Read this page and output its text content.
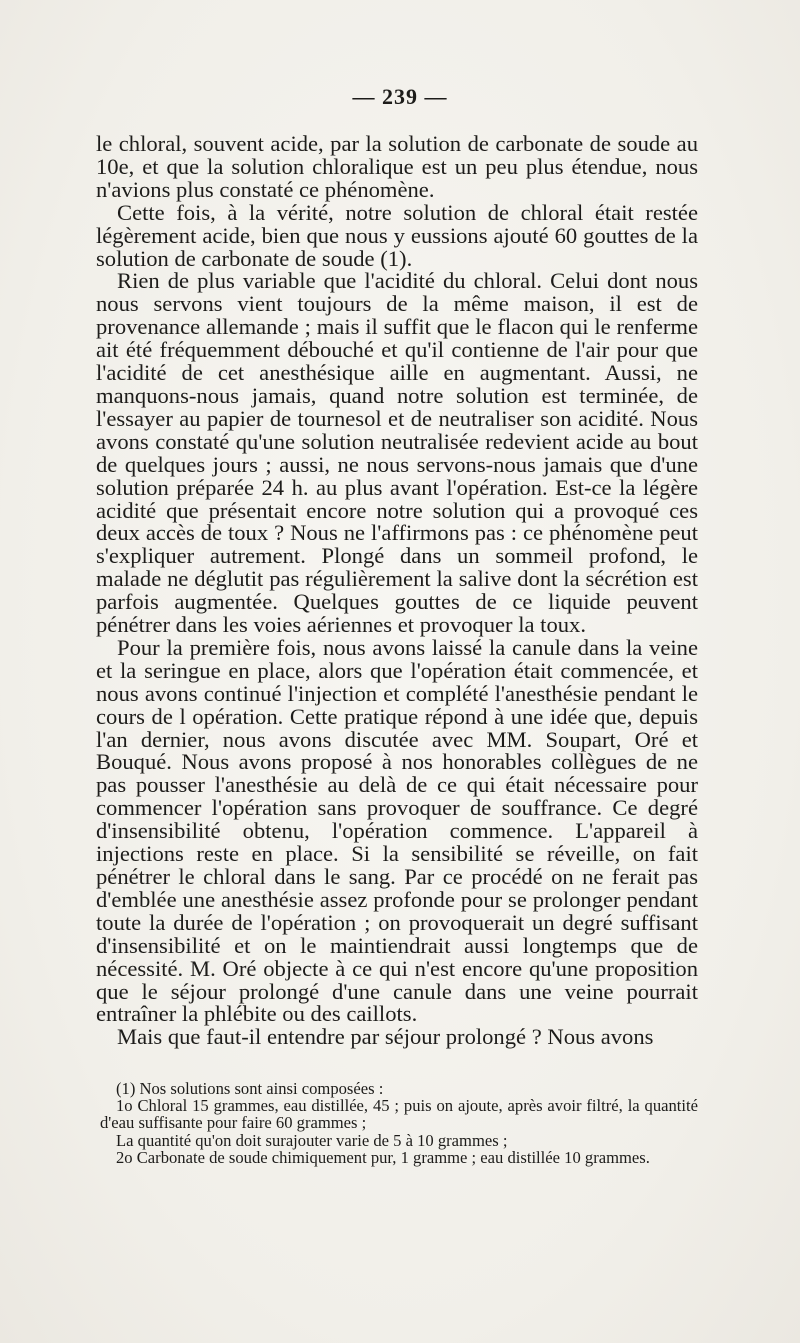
— 239 —

le chloral, souvent acide, par la solution de carbonate de soude au 10e, et que la solution chloralique est un peu plus étendue, nous n'avions plus constaté ce phénomène.

Cette fois, à la vérité, notre solution de chloral était restée légèrement acide, bien que nous y eussions ajouté 60 gouttes de la solution de carbonate de soude (1).

Rien de plus variable que l'acidité du chloral. Celui dont nous nous servons vient toujours de la même maison, il est de provenance allemande ; mais il suffit que le flacon qui le renferme ait été fréquemment débouché et qu'il contienne de l'air pour que l'acidité de cet anesthésique aille en augmentant. Aussi, ne manquons-nous jamais, quand notre solution est terminée, de l'essayer au papier de tournesol et de neutraliser son acidité. Nous avons constaté qu'une solution neutralisée redevient acide au bout de quelques jours ; aussi, ne nous servons-nous jamais que d'une solution préparée 24 h. au plus avant l'opération. Est-ce la légère acidité que présentait encore notre solution qui a provoqué ces deux accès de toux ? Nous ne l'affirmons pas : ce phénomène peut s'expliquer autrement. Plongé dans un sommeil profond, le malade ne déglutit pas régulièrement la salive dont la sécrétion est parfois augmentée. Quelques gouttes de ce liquide peuvent pénétrer dans les voies aériennes et provoquer la toux.

Pour la première fois, nous avons laissé la canule dans la veine et la seringue en place, alors que l'opération était commencée, et nous avons continué l'injection et complété l'anesthésie pendant le cours de l opération. Cette pratique répond à une idée que, depuis l'an dernier, nous avons discutée avec MM. Soupart, Oré et Bouqué. Nous avons proposé à nos honorables collègues de ne pas pousser l'anesthésie au delà de ce qui était nécessaire pour commencer l'opération sans provoquer de souffrance. Ce degré d'insensibilité obtenu, l'opération commence. L'appareil à injections reste en place. Si la sensibilité se réveille, on fait pénétrer le chloral dans le sang. Par ce procédé on ne ferait pas d'emblée une anesthésie assez profonde pour se prolonger pendant toute la durée de l'opération ; on provoquerait un degré suffisant d'insensibilité et on le maintiendrait aussi longtemps que de nécessité. M. Oré objecte à ce qui n'est encore qu'une proposition que le séjour prolongé d'une canule dans une veine pourrait entraîner la phlébite ou des caillots.

Mais que faut-il entendre par séjour prolongé ? Nous avons

(1) Nos solutions sont ainsi composées :

1o Chloral 15 grammes, eau distillée, 45 ; puis on ajoute, après avoir filtré, la quantité d'eau suffisante pour faire 60 grammes ;

La quantité qu'on doit surajouter varie de 5 à 10 grammes ;

2o Carbonate de soude chimiquement pur, 1 gramme ; eau distillée 10 grammes.
